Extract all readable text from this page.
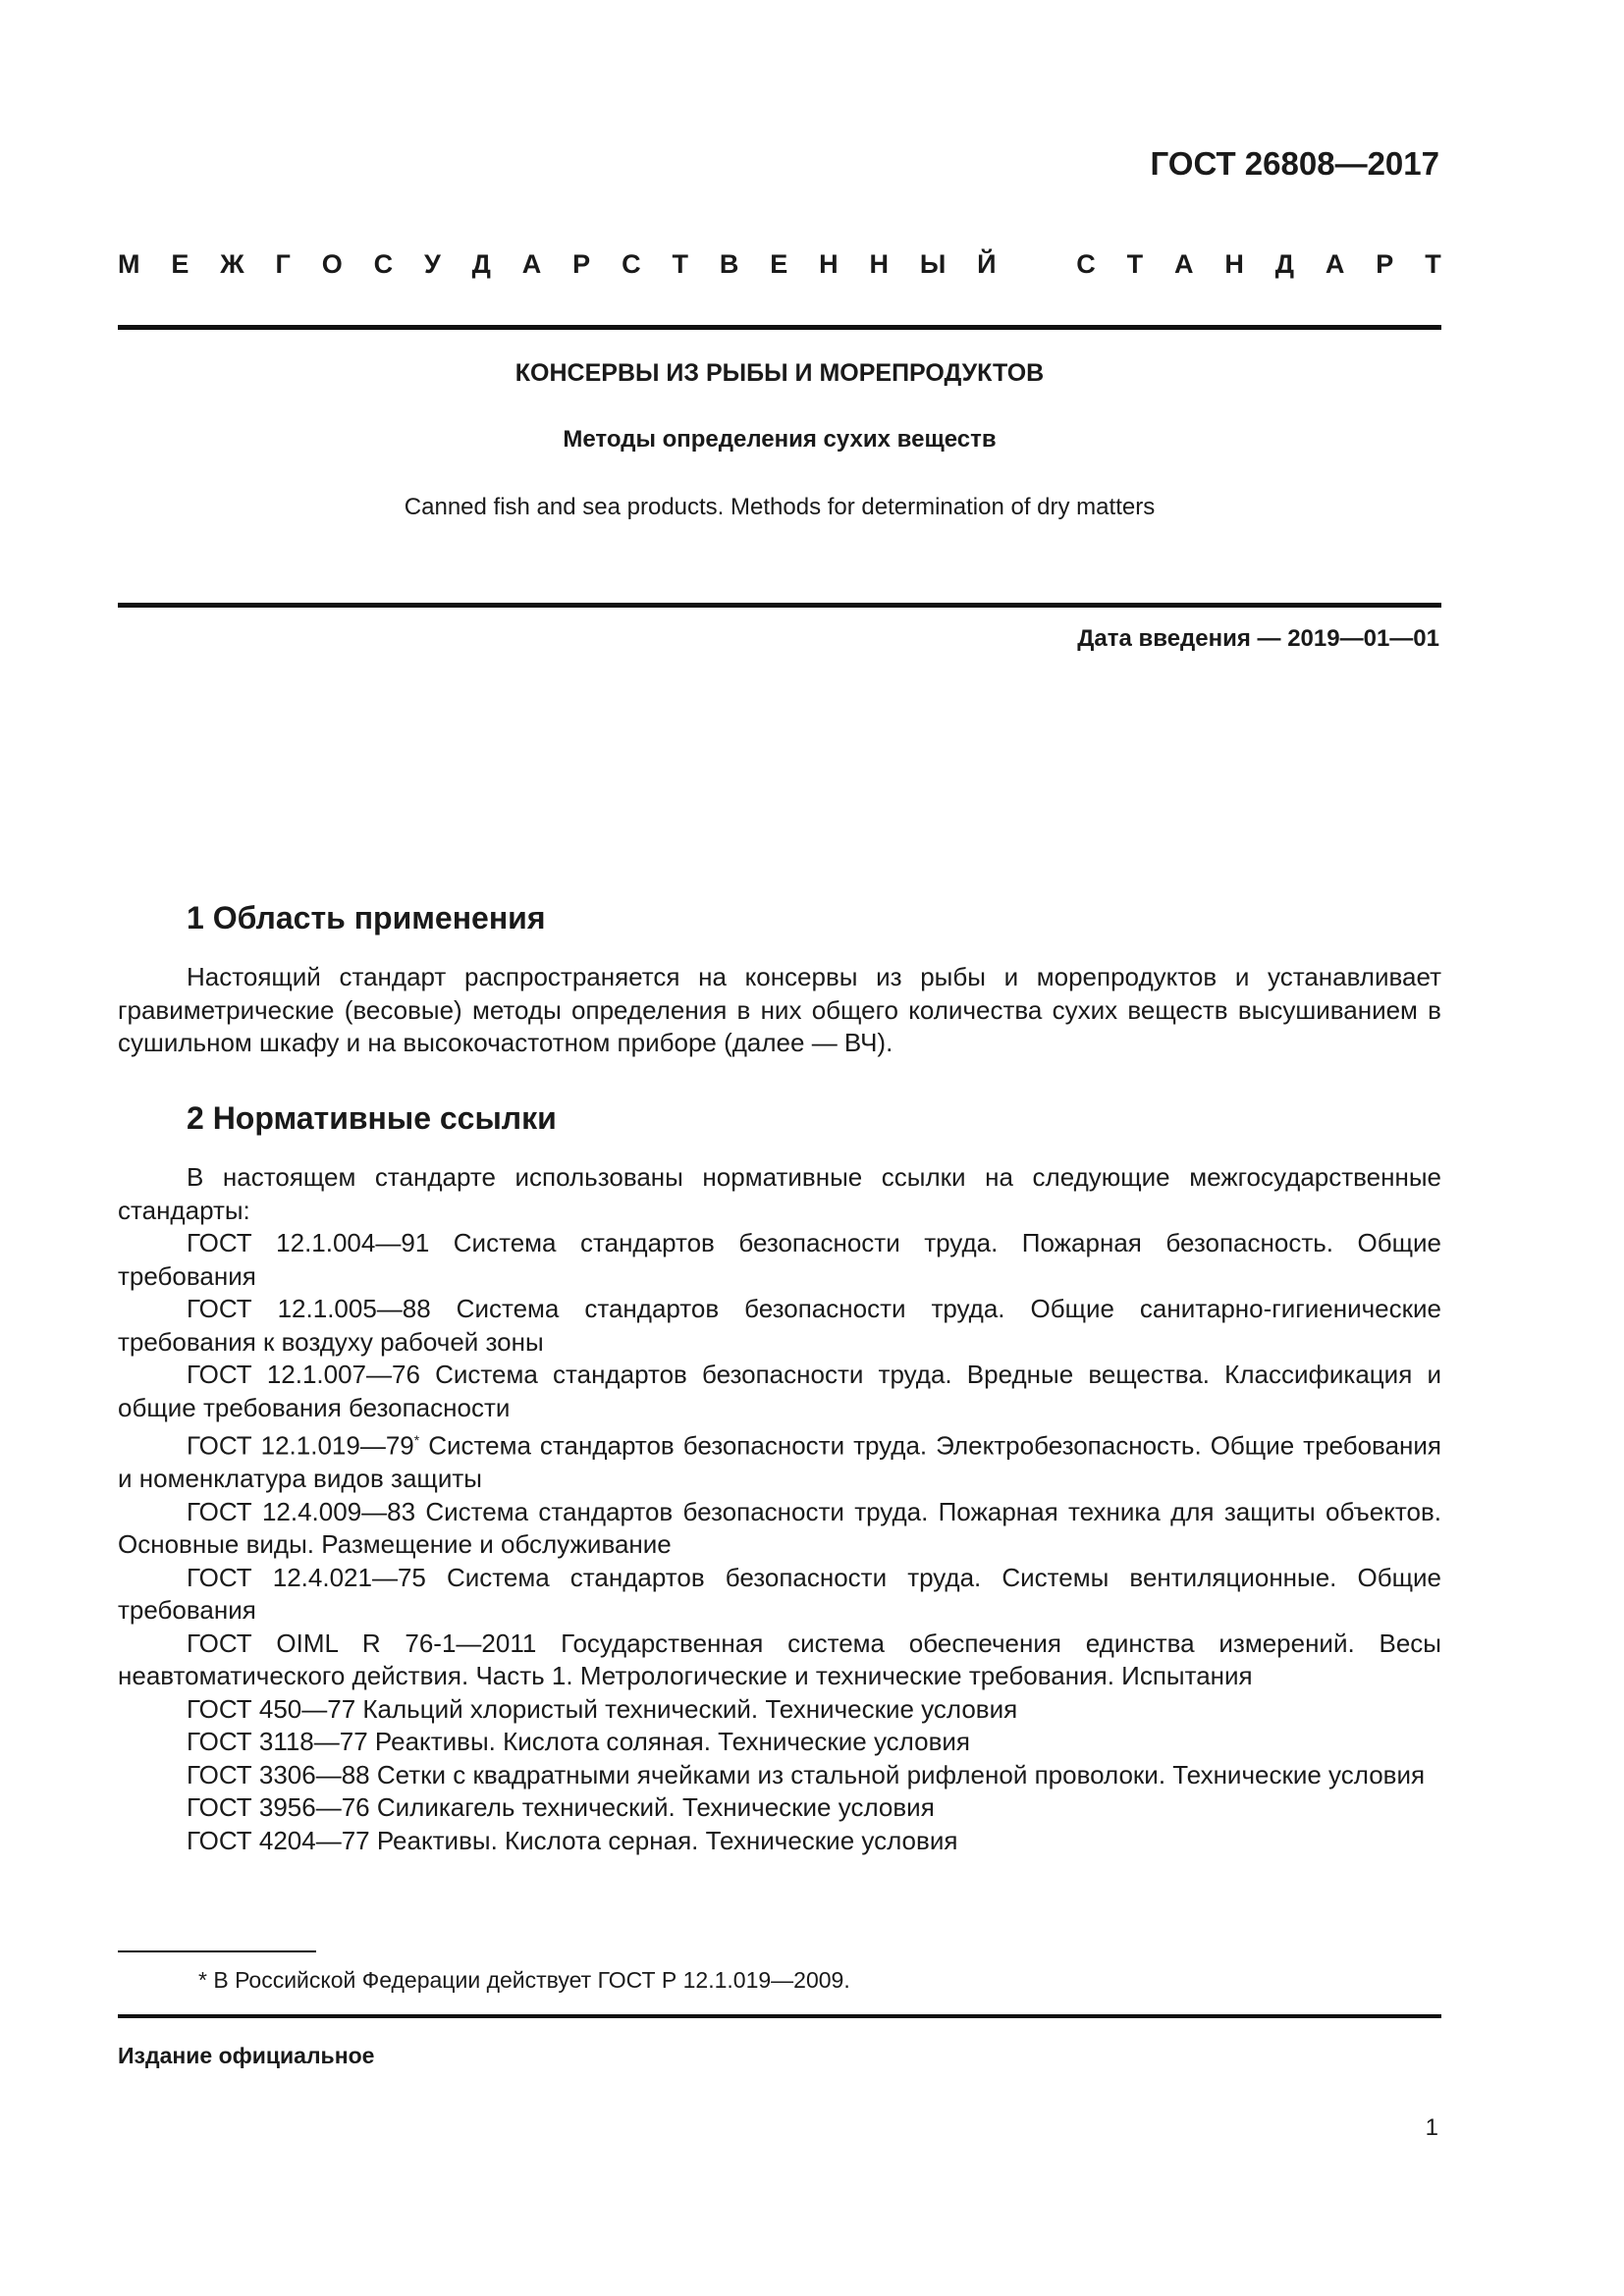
ГОСТ 26808—2017
М Е Ж Г О С У Д А Р С Т В Е Н Н Ы Й	С Т А Н Д А Р Т
КОНСЕРВЫ ИЗ РЫБЫ И МОРЕПРОДУКТОВ
Методы определения сухих веществ
Canned fish and sea products. Methods for determination of dry matters
Дата введения — 2019—01—01
1 Область применения

Настоящий стандарт распространяется на консервы из рыбы и морепродуктов и устанавливает гравиметрические (весовые) методы определения в них общего количества сухих веществ высушиванием в сушильном шкафу и на высокочастотном приборе (далее — ВЧ).

2 Нормативные ссылки

В настоящем стандарте использованы нормативные ссылки на следующие межгосударственные стандарты:

ГОСТ 12.1.004—91 Система стандартов безопасности труда. Пожарная безопасность. Общие требования

ГОСТ 12.1.005—88 Система стандартов безопасности труда. Общие санитарно-гигиенические требования к воздуху рабочей зоны

ГОСТ 12.1.007—76 Система стандартов безопасности труда. Вредные вещества. Классификация и общие требования безопасности

ГОСТ 12.1.019—79* Система стандартов безопасности труда. Электробезопасность. Общие требования и номенклатура видов защиты

ГОСТ 12.4.009—83 Система стандартов безопасности труда. Пожарная техника для защиты объектов. Основные виды. Размещение и обслуживание

ГОСТ 12.4.021—75 Система стандартов безопасности труда. Системы вентиляционные. Общие требования

ГОСТ OIML R 76-1—2011 Государственная система обеспечения единства измерений. Весы неавтоматического действия. Часть 1. Метрологические и технические требования. Испытания

ГОСТ 450—77 Кальций хлористый технический. Технические условия

ГОСТ 3118—77 Реактивы. Кислота соляная. Технические условия

ГОСТ 3306—88 Сетки с квадратными ячейками из стальной рифленой проволоки. Технические условия

ГОСТ 3956—76 Силикагель технический. Технические условия

ГОСТ 4204—77 Реактивы. Кислота серная. Технические условия

* В Российской Федерации действует ГОСТ Р 12.1.019—2009.
Издание официальное
1
